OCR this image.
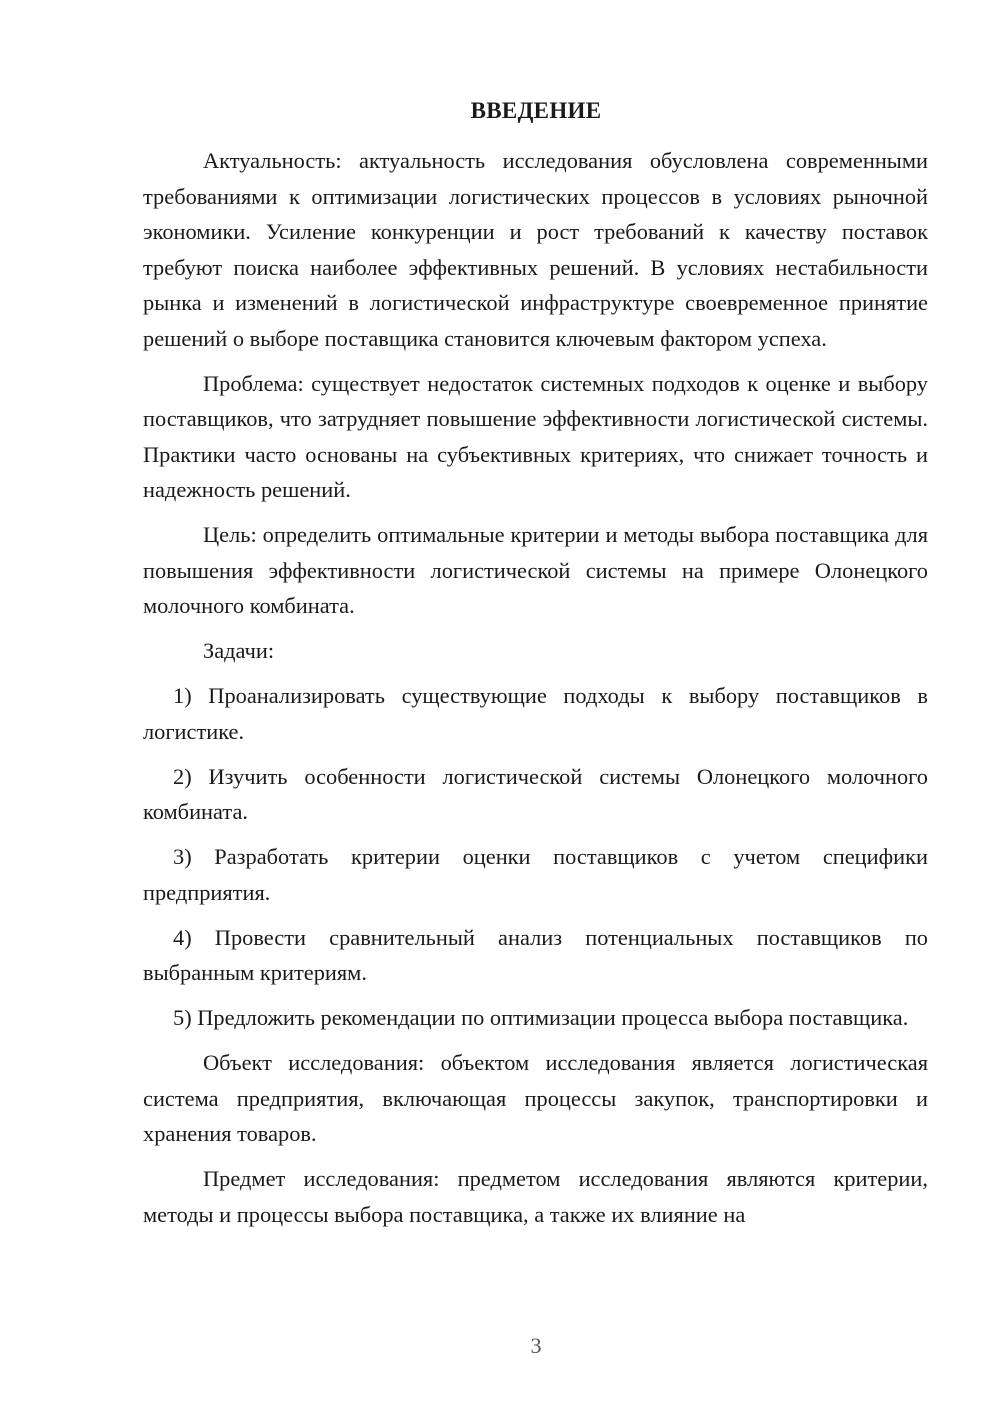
ВВЕДЕНИЕ

Актуальность: актуальность исследования обусловлена современными требованиями к оптимизации логистических процессов в условиях рыночной экономики. Усиление конкуренции и рост требований к качеству поставок требуют поиска наиболее эффективных решений. В условиях нестабильности рынка и изменений в логистической инфраструктуре своевременное принятие решений о выборе поставщика становится ключевым фактором успеха.

Проблема: существует недостаток системных подходов к оценке и выбору поставщиков, что затрудняет повышение эффективности логистической системы. Практики часто основаны на субъективных критериях, что снижает точность и надежность решений.

Цель: определить оптимальные критерии и методы выбора поставщика для повышения эффективности логистической системы на примере Олонецкого молочного комбината.

Задачи:

1) Проанализировать существующие подходы к выбору поставщиков в логистике.

2) Изучить особенности логистической системы Олонецкого молочного комбината.

3) Разработать критерии оценки поставщиков с учетом специфики предприятия.

4) Провести сравнительный анализ потенциальных поставщиков по выбранным критериям.

5) Предложить рекомендации по оптимизации процесса выбора поставщика.

Объект исследования: объектом исследования является логистическая система предприятия, включающая процессы закупок, транспортировки и хранения товаров.

Предмет исследования: предметом исследования являются критерии, методы и процессы выбора поставщика, а также их влияние на

3
